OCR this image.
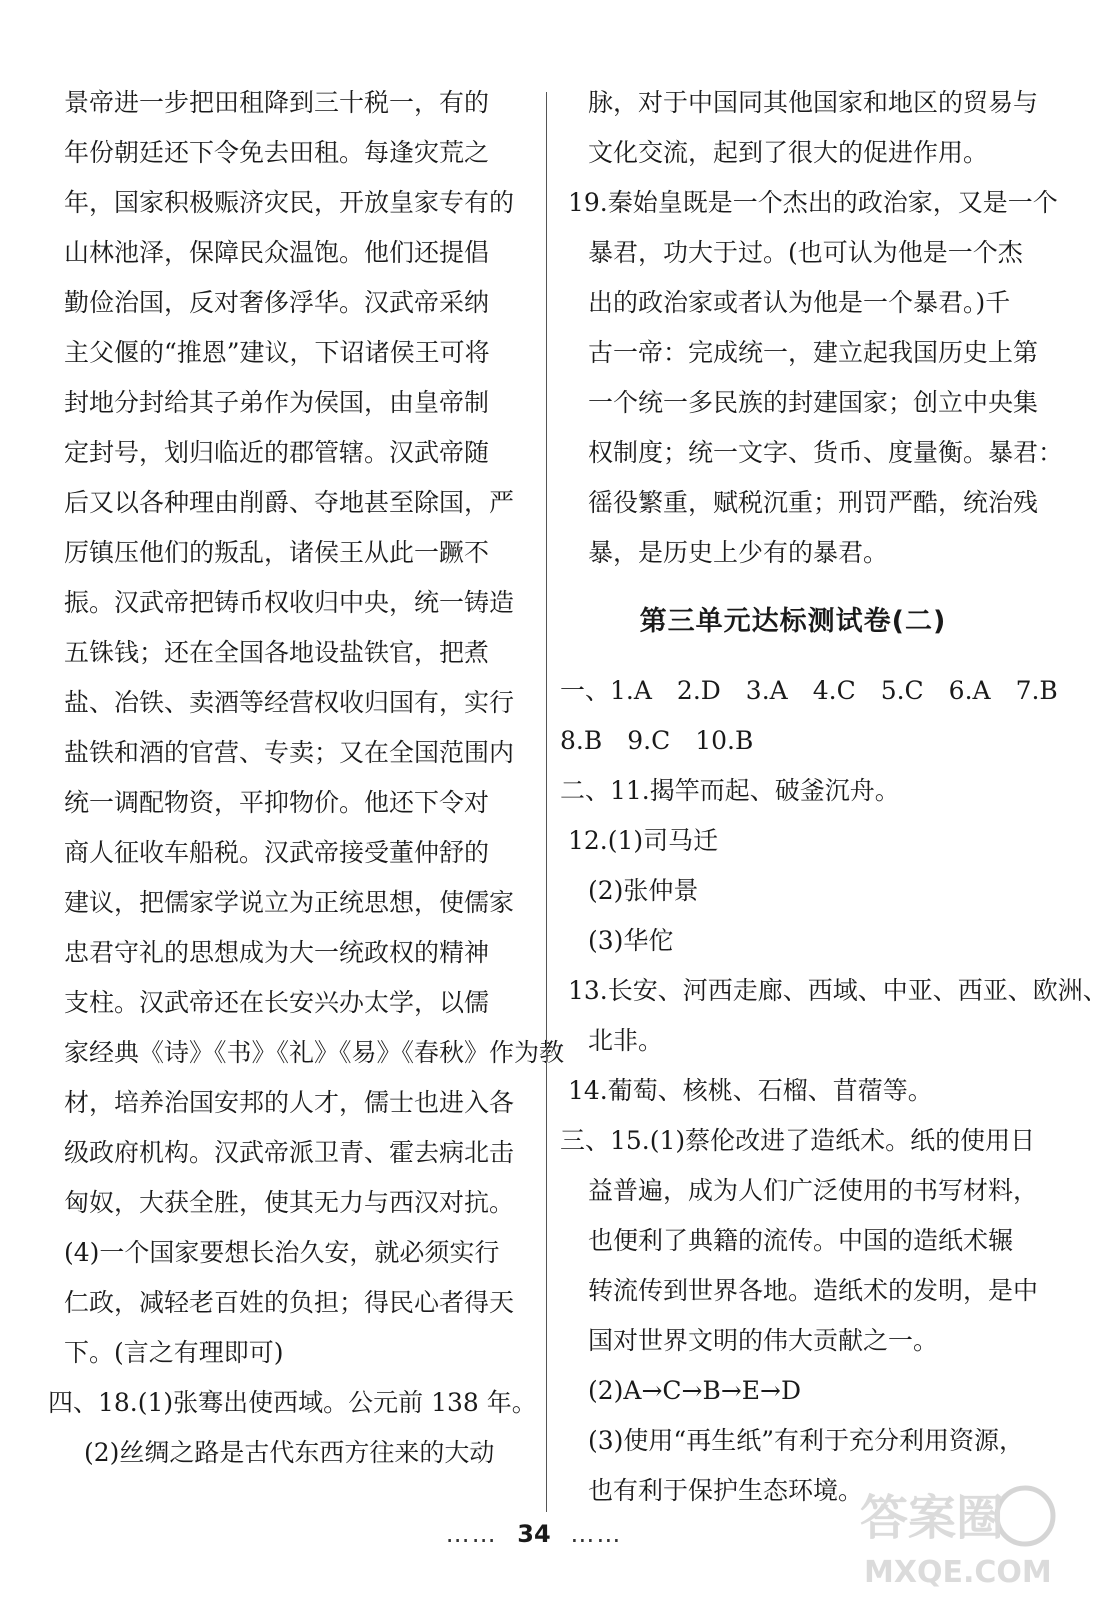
景帝进一步把田租降到三十税一，有的
年份朝廷还下令免去田租。每逢灾荒之
年，国家积极赈济灾民，开放皇家专有的
山林池泽，保障民众温饱。他们还提倡
勤俭治国，反对奢侈浮华。汉武帝采纳
主父偃的“推恩”建议，下诏诸侯王可将
封地分封给其子弟作为侯国，由皇帝制
定封号，划归临近的郡管辖。汉武帝随
后又以各种理由削爵、夺地甚至除国，严
厉镇压他们的叛乱，诸侯王从此一蹶不
振。汉武帝把铸币权收归中央，统一铸造
五铢钱；还在全国各地设盐铁官，把煮
盐、冶铁、卖酒等经营权收归国有，实行
盐铁和酒的官营、专卖；又在全国范围内
统一调配物资，平抑物价。他还下令对
商人征收车船税。汉武帝接受董仲舒的
建议，把儒家学说立为正统思想，使儒家
忠君守礼的思想成为大一统政权的精神
支柱。汉武帝还在长安兴办太学，以儒
家经典《诗》《书》《礼》《易》《春秋》作为教
材，培养治国安邦的人才，儒士也进入各
级政府机构。汉武帝派卫青、霍去病北击
匈奴，大获全胜，使其无力与西汉对抗。
(4)一个国家要想长治久安，就必须实行
仁政，减轻老百姓的负担；得民心者得天
下。(言之有理即可)
四、18.(1)张骞出使西域。公元前 138 年。
(2)丝绸之路是古代东西方往来的大动
脉，对于中国同其他国家和地区的贸易与
文化交流，起到了很大的促进作用。
19.秦始皇既是一个杰出的政治家，又是一个
暴君，功大于过。(也可认为他是一个杰
出的政治家或者认为他是一个暴君。)千
古一帝：完成统一，建立起我国历史上第
一个统一多民族的封建国家；创立中央集
权制度；统一文字、货币、度量衡。暴君：
徭役繁重，赋税沉重；刑罚严酷，统治残
暴，是历史上少有的暴君。
第三单元达标测试卷(二)
一、1.A　2.D　3.A　4.C　5.C　6.A　7.B
8.B　9.C　10.B
二、11.揭竿而起、破釜沉舟。
12.(1)司马迁
(2)张仲景
(3)华佗
13.长安、河西走廊、西域、中亚、西亚、欧洲、
北非。
14.葡萄、核桃、石榴、苜蓿等。
三、15.(1)蔡伦改进了造纸术。纸的使用日
益普遍，成为人们广泛使用的书写材料，
也便利了典籍的流传。中国的造纸术辗
转流传到世界各地。造纸术的发明，是中
国对世界文明的伟大贡献之一。
(2)A→C→B→E→D
(3)使用“再生纸”有利于充分利用资源，
也有利于保护生态环境。
…… 34 ……	答案圈
MXQE.COM
